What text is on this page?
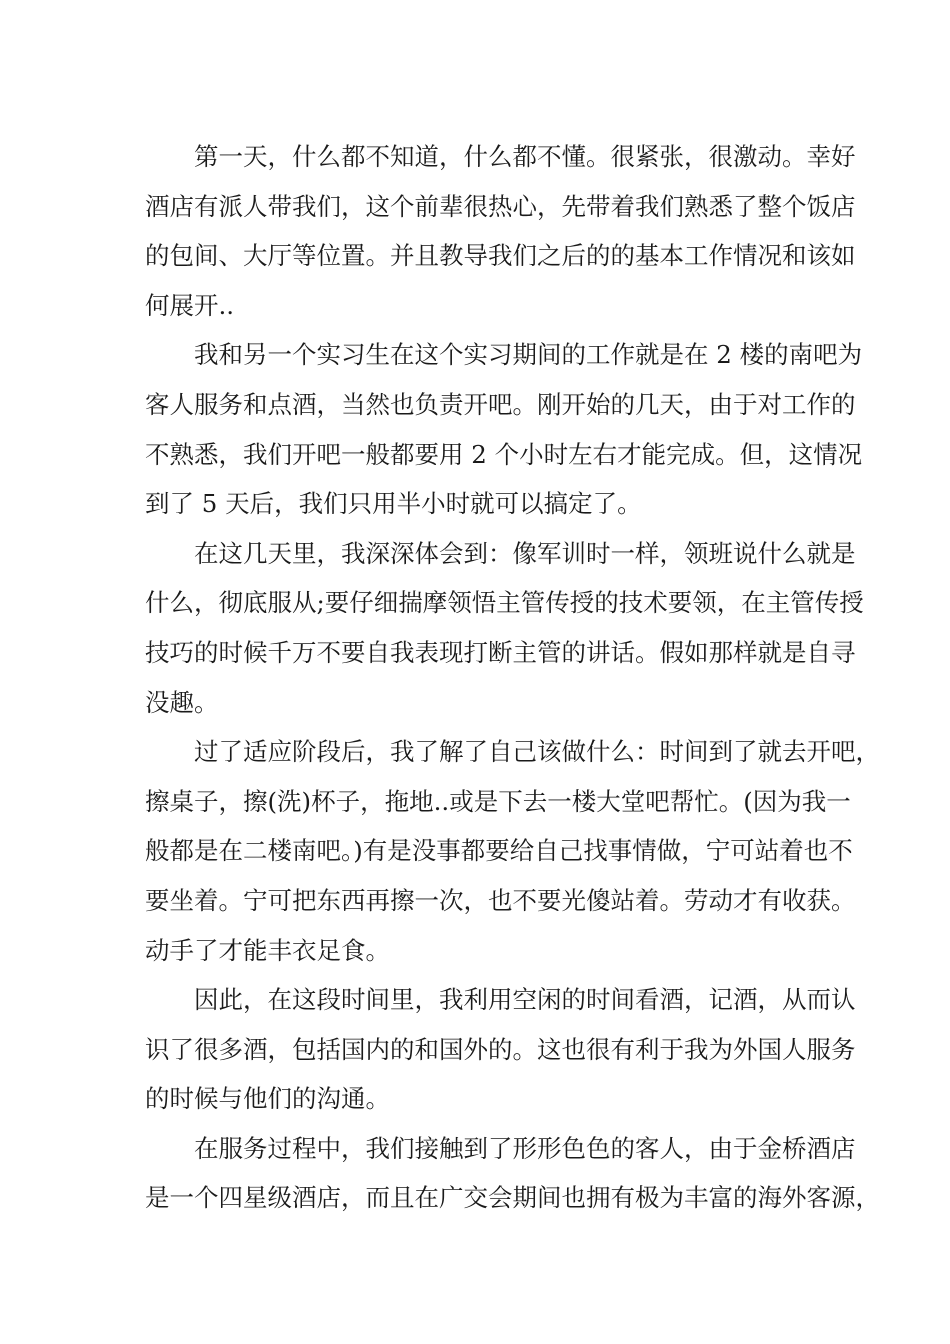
第一天，什么都不知道，什么都不懂。很紧张，很激动。幸好
酒店有派人带我们，这个前辈很热心，先带着我们熟悉了整个饭店
的包间、大厅等位置。并且教导我们之后的的基本工作情况和该如
何展开..
我和另一个实习生在这个实习期间的工作就是在 2 楼的南吧为
客人服务和点酒，当然也负责开吧。刚开始的几天，由于对工作的
不熟悉，我们开吧一般都要用 2 个小时左右才能完成。但，这情况
到了 5 天后，我们只用半小时就可以搞定了。
在这几天里，我深深体会到：像军训时一样，领班说什么就是
什么，彻底服从;要仔细揣摩领悟主管传授的技术要领，在主管传授
技巧的时候千万不要自我表现打断主管的讲话。假如那样就是自寻
没趣。
过了适应阶段后，我了解了自己该做什么：时间到了就去开吧，
擦桌子，擦(洗)杯子，拖地..或是下去一楼大堂吧帮忙。(因为我一
般都是在二楼南吧。)有是没事都要给自己找事情做，宁可站着也不
要坐着。宁可把东西再擦一次，也不要光傻站着。劳动才有收获。
动手了才能丰衣足食。
因此，在这段时间里，我利用空闲的时间看酒，记酒，从而认
识了很多酒，包括国内的和国外的。这也很有利于我为外国人服务
的时候与他们的沟通。
在服务过程中，我们接触到了形形色色的客人，由于金桥酒店
是一个四星级酒店，而且在广交会期间也拥有极为丰富的海外客源，
